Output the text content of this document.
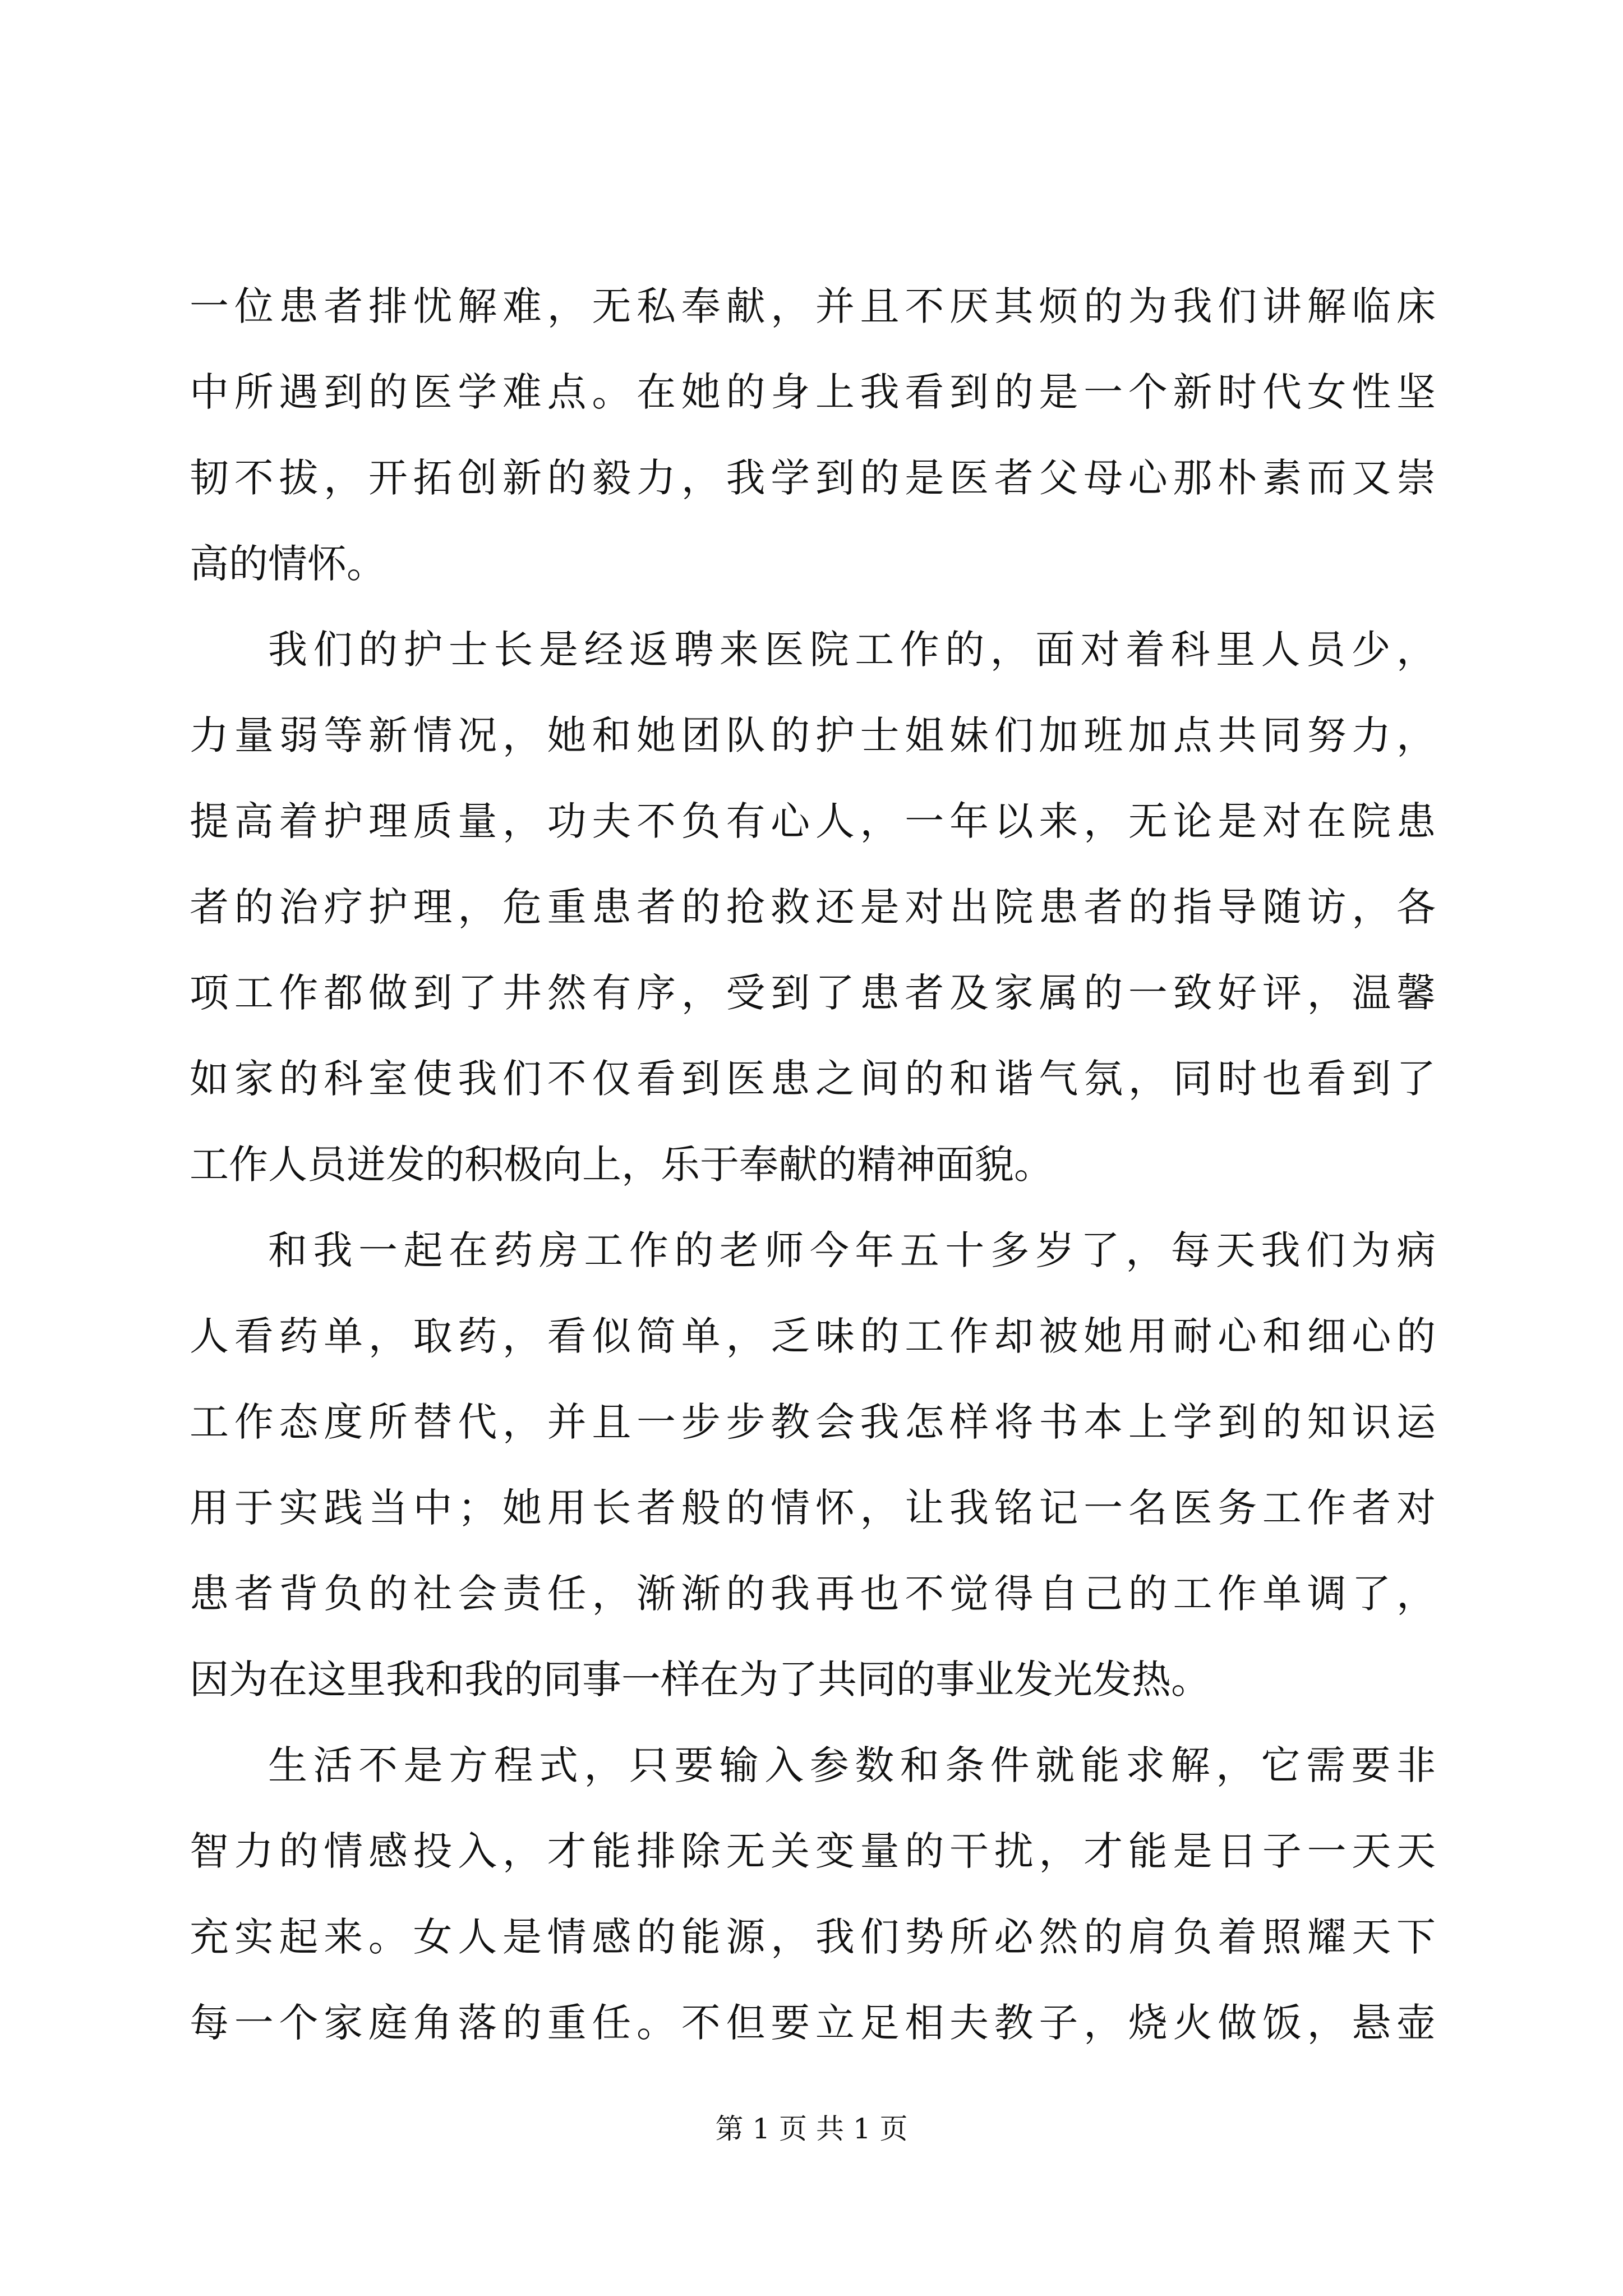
一位患者排忧解难，无私奉献，并且不厌其烦的为我们讲解临床
中所遇到的医学难点。在她的身上我看到的是一个新时代女性坚
韧不拔，开拓创新的毅力，我学到的是医者父母心那朴素而又崇
高的情怀。
我们的护士长是经返聘来医院工作的，面对着科里人员少，
力量弱等新情况，她和她团队的护士姐妹们加班加点共同努力，
提高着护理质量，功夫不负有心人，一年以来，无论是对在院患
者的治疗护理，危重患者的抢救还是对出院患者的指导随访，各
项工作都做到了井然有序，受到了患者及家属的一致好评，温馨
如家的科室使我们不仅看到医患之间的和谐气氛，同时也看到了
工作人员迸发的积极向上，乐于奉献的精神面貌。
和我一起在药房工作的老师今年五十多岁了，每天我们为病
人看药单，取药，看似简单，乏味的工作却被她用耐心和细心的
工作态度所替代，并且一步步教会我怎样将书本上学到的知识运
用于实践当中；她用长者般的情怀，让我铭记一名医务工作者对
患者背负的社会责任，渐渐的我再也不觉得自己的工作单调了，
因为在这里我和我的同事一样在为了共同的事业发光发热。
生活不是方程式，只要输入参数和条件就能求解，它需要非
智力的情感投入，才能排除无关变量的干扰，才能是日子一天天
充实起来。女人是情感的能源，我们势所必然的肩负着照耀天下
每一个家庭角落的重任。不但要立足相夫教子，烧火做饭，悬壶
第 1 页 共 1 页
